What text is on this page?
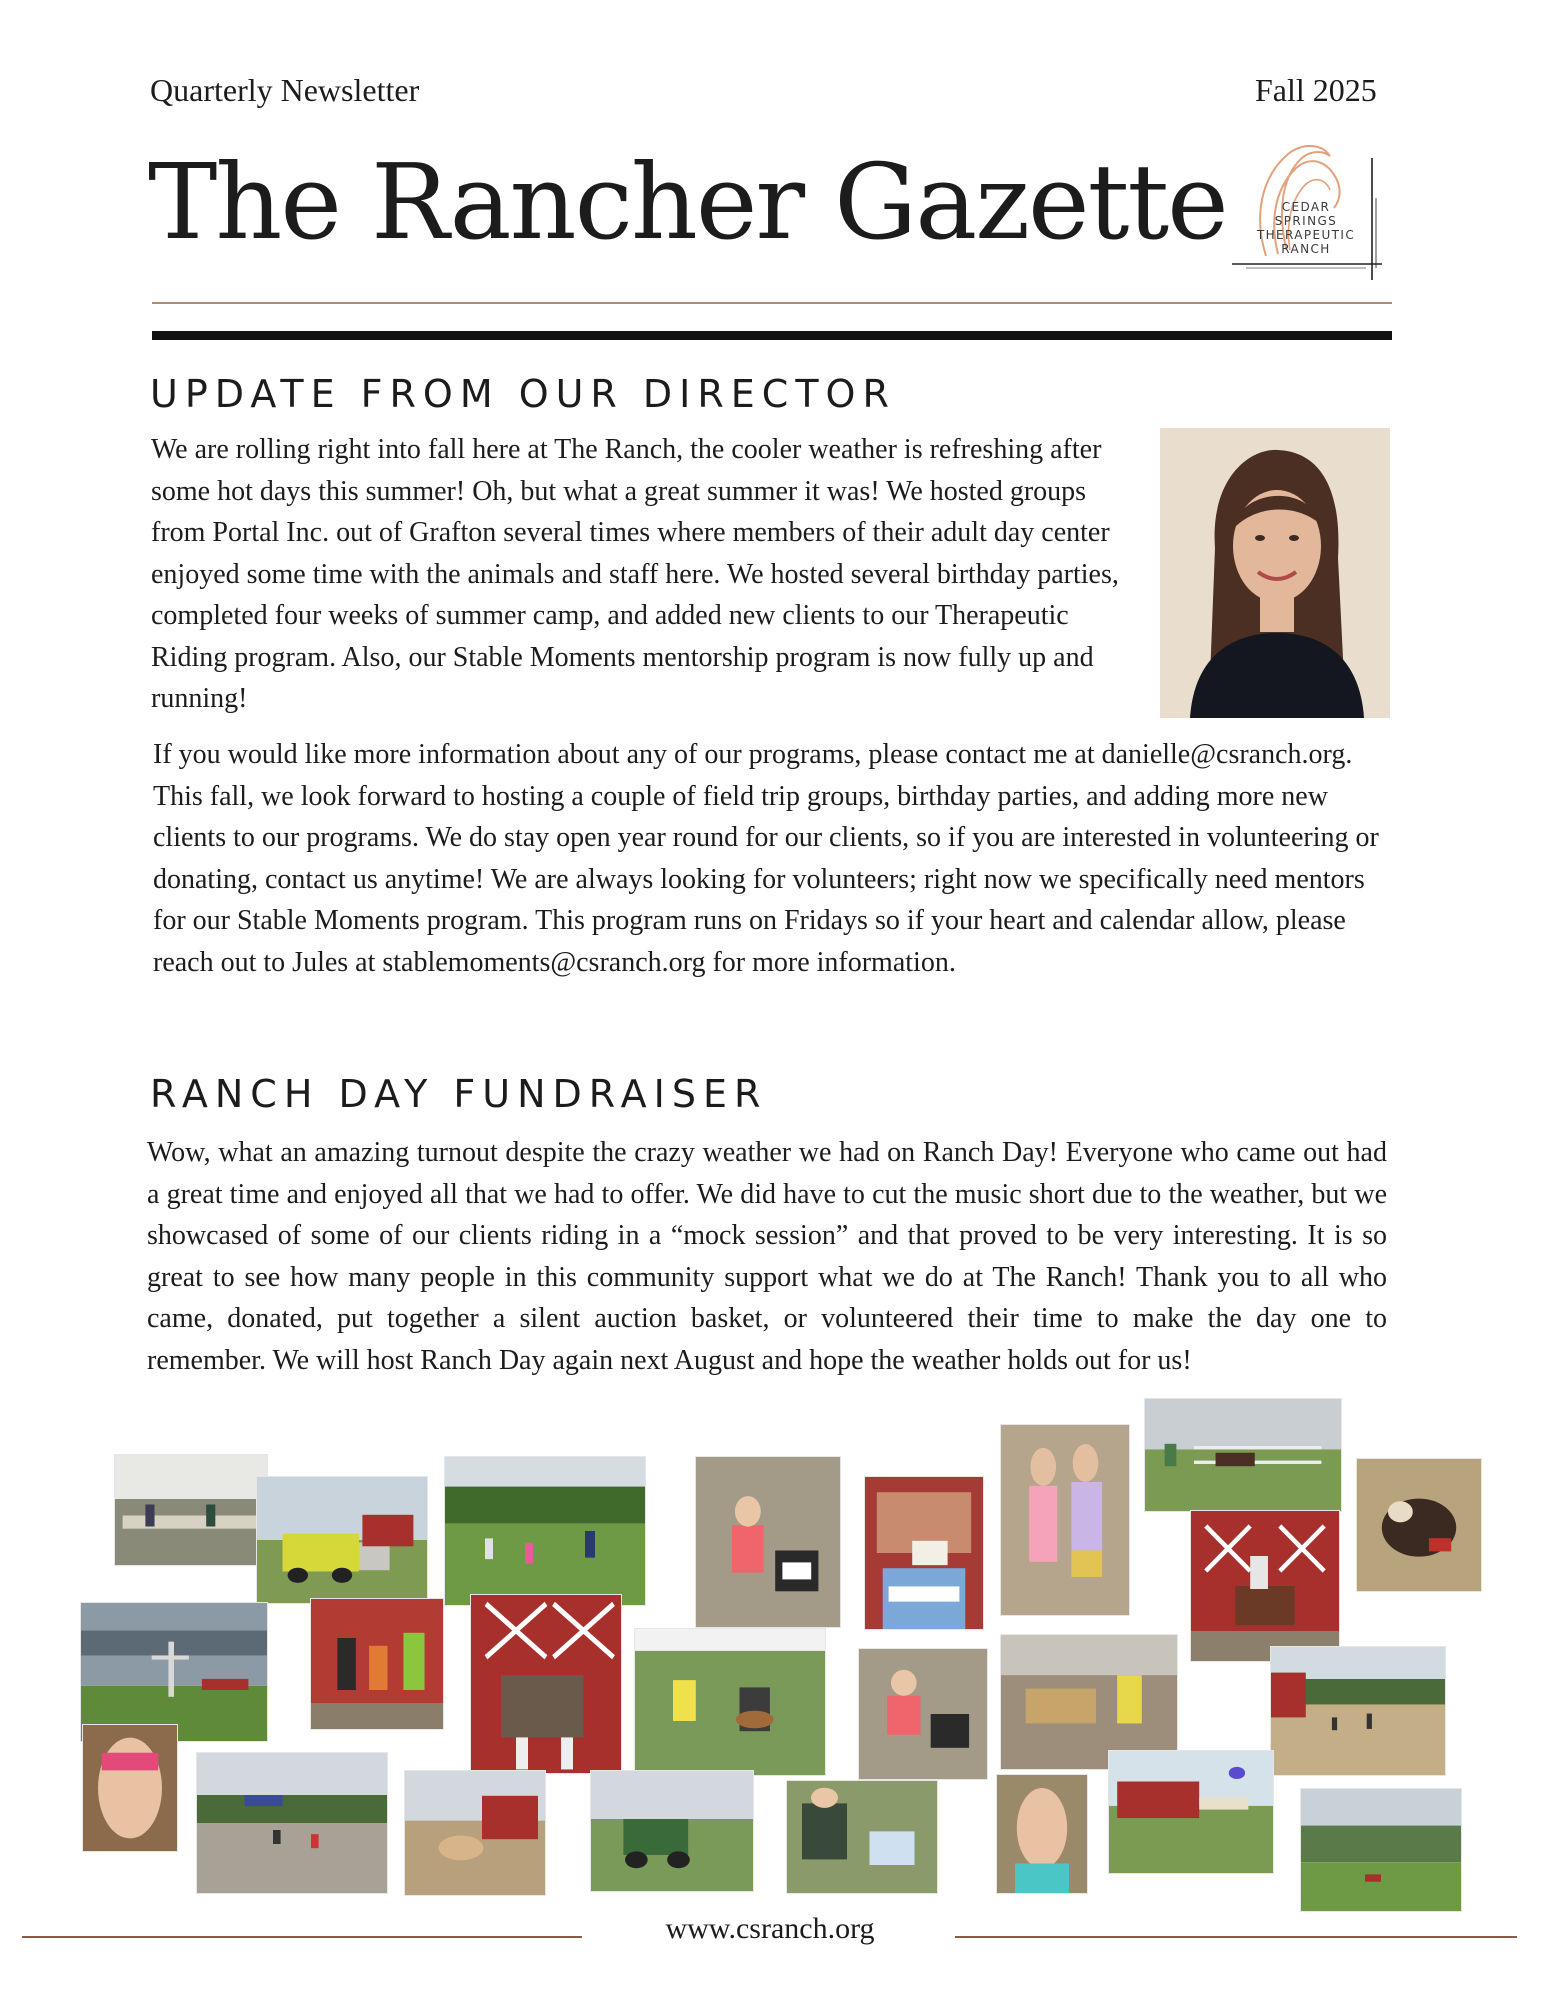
Quarterly Newsletter	Fall 2025
The Rancher Gazette	CEDAR
SPRINGS
THERAPEUTIC
RANCH
UPDATE FROM OUR DIRECTOR

We are rolling right into fall here at The Ranch, the cooler weather is refreshing after some hot days this summer! Oh, but what a great summer it was! We hosted groups from Portal Inc. out of Grafton several times where members of their adult day center enjoyed some time with the animals and staff here. We hosted several birthday parties, completed four weeks of summer camp, and added new clients to our Therapeutic Riding program. Also, our Stable Moments mentorship program is now fully up and running!

If you would like more information about any of our programs, please contact me at danielle@csranch.org. This fall, we look forward to hosting a couple of field trip groups, birthday parties, and adding more new clients to our programs. We do stay open year round for our clients, so if you are interested in volunteering or donating, contact us anytime! We are always looking for volunteers; right now we specifically need mentors for our Stable Moments program. This program runs on Fridays so if your heart and calendar allow, please reach out to Jules at stablemoments@csranch.org for more information.

RANCH DAY FUNDRAISER

Wow, what an amazing turnout despite the crazy weather we had on Ranch Day! Everyone who came out had a great time and enjoyed all that we had to offer. We did have to cut the music short due to the weather, but we showcased of some of our clients riding in a “mock session” and that proved to be very interesting. It is so great to see how many people in this community support what we do at The Ranch! Thank you to all who came, donated, put together a silent auction basket, or volunteered their time to make the day one to remember. We will host Ranch Day again next August and hope the weather holds out for us!

www.csranch.org
